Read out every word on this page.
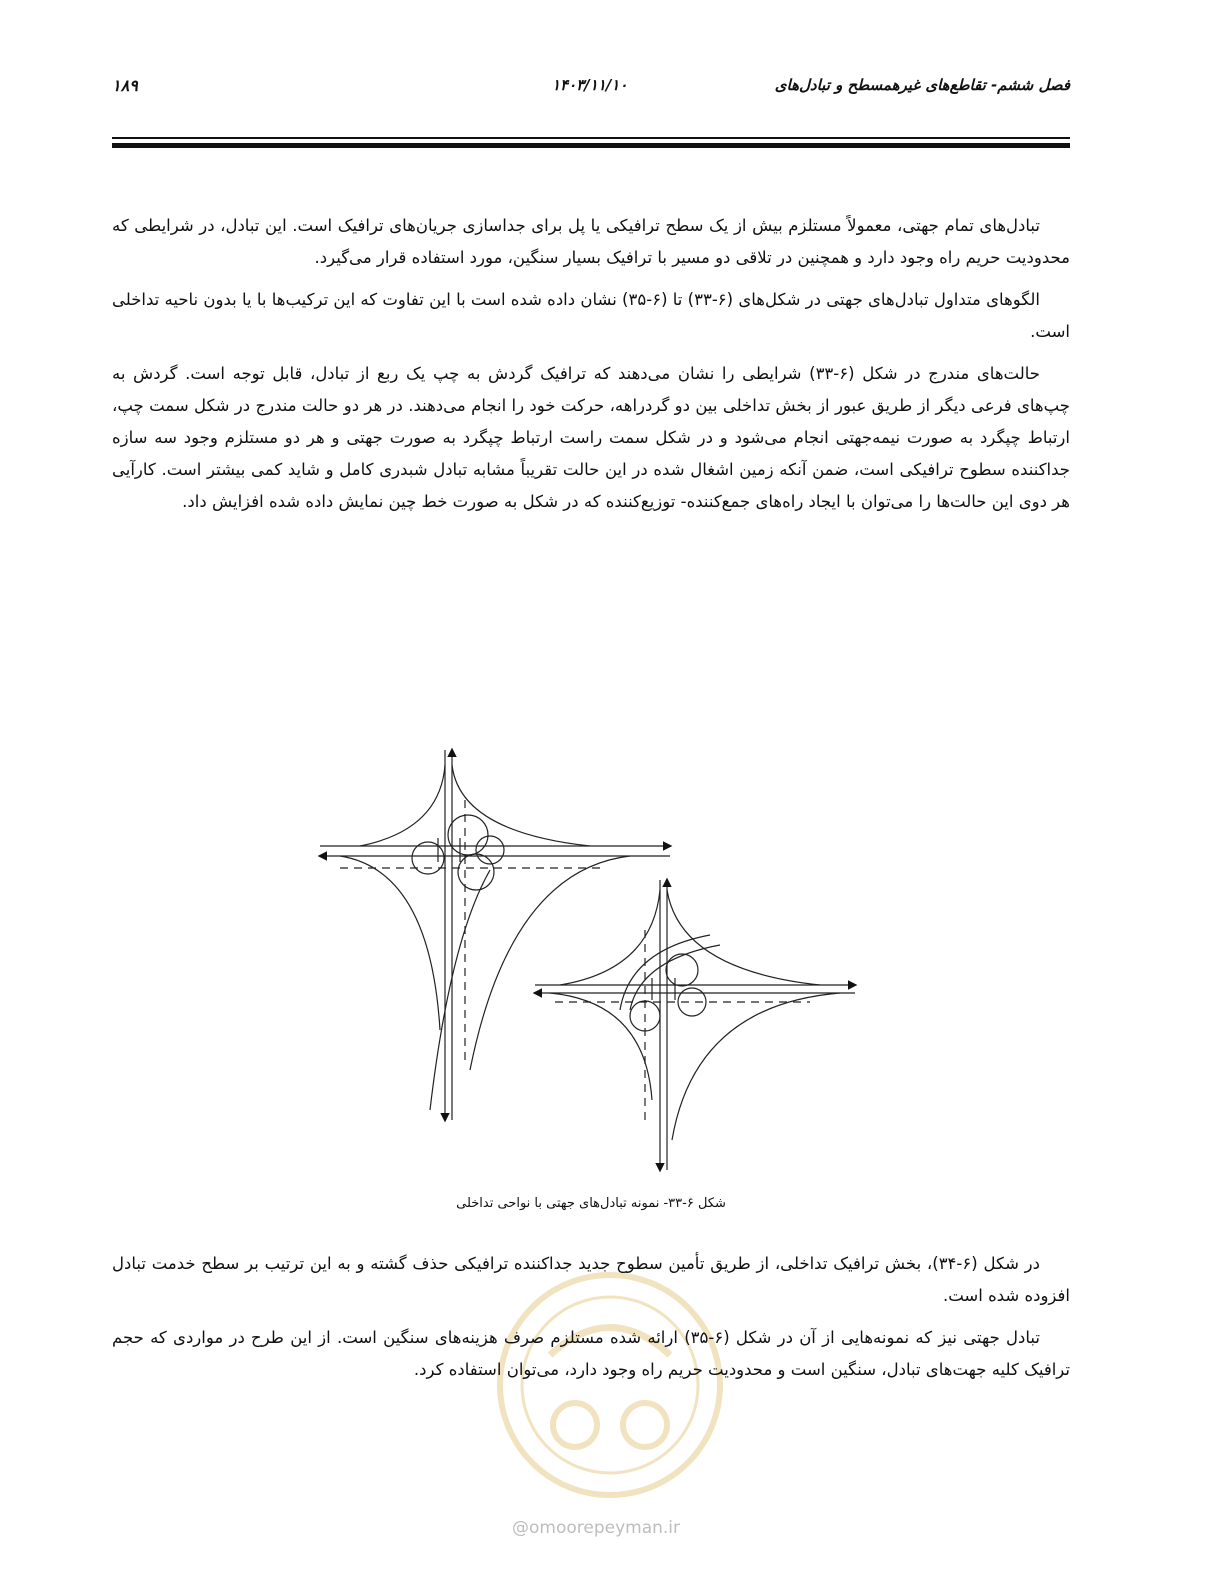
فصل ششم- تقاطع‌های غیرهمسطح و تبادل‌های
۱۴۰۳/۱۱/۱۰
۱۸۹

تبادل‌های تمام جهتی، معمولاً مستلزم بیش از یک سطح ترافیکی یا پل برای جداسازی جریان‌های ترافیک است. این تبادل، در شرایطی که محدودیت حریم راه وجود دارد و همچنین در تلاقی دو مسیر با ترافیک بسیار سنگین، مورد استفاده قرار می‌گیرد.

الگوهای متداول تبادل‌های جهتی در شکل‌های (۶-۳۳) تا (۶-۳۵) نشان داده شده است با این تفاوت که این ترکیب‌ها با یا بدون ناحیه تداخلی است.

حالت‌های مندرج در شکل (۶-۳۳) شرایطی را نشان می‌دهند که ترافیک گردش به چپ یک ربع از تبادل، قابل توجه است. گردش به چپ‌های فرعی دیگر از طریق عبور از بخش تداخلی بین دو گردراهه، حرکت خود را انجام می‌دهند. در هر دو حالت مندرج در شکل سمت چپ، ارتباط چپگرد به صورت نیمه‌جهتی انجام می‌شود و در شکل سمت راست ارتباط چپگرد به صورت جهتی و هر دو مستلزم وجود سه سازه جداکننده سطوح ترافیکی است، ضمن آنکه زمین اشغال شده در این حالت تقریباً مشابه تبادل شبدری کامل و شاید کمی بیشتر است. کارآیی هر دوی این حالت‌ها را می‌توان با ایجاد راه‌های جمع‌کننده- توزیع‌کننده که در شکل به صورت خط چین نمایش داده شده افزایش داد.

شکل ۶-۳۳- نمونه تبادل‌های جهتی با نواحی تداخلی

در شکل (۶-۳۴)، بخش ترافیک تداخلی، از طریق تأمین سطوح جدید جداکننده ترافیکی حذف گشته و به این ترتیب بر سطح خدمت تبادل افزوده شده است.

تبادل جهتی نیز که نمونه‌هایی از آن در شکل (۶-۳۵) ارائه شده مستلزم صرف هزینه‌های سنگین است. از این طرح در مواردی که حجم ترافیک کلیه جهت‌های تبادل، سنگین است و محدودیت حریم راه وجود دارد، می‌توان استفاده کرد.

@omoorepeyman.ir
